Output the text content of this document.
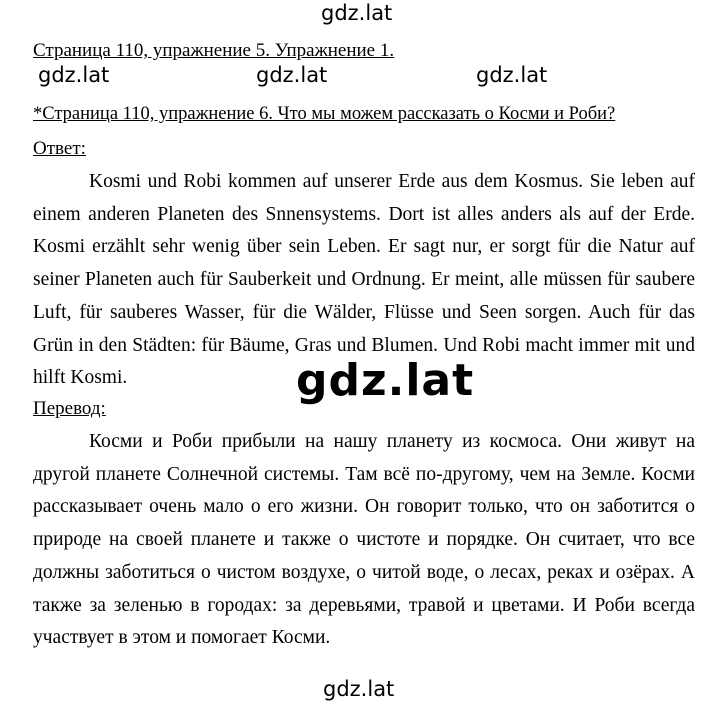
gdz.lat
Страница 110, упражнение 5. Упражнение 1.
gdz.lat	gdz.lat	gdz.lat
*Страница 110, упражнение 6. Что мы можем рассказать о Косми и Роби?
Ответ:
Kosmi und Robi kommen auf unserer Erde aus dem Kosmus. Sie leben auf einem anderen Planeten des Snnensystems. Dort ist alles anders als auf der Erde. Kosmi erzählt sehr wenig über sein Leben. Er sagt nur, er sorgt für die Natur auf seiner Planeten auch für Sauberkeit und Ordnung. Er meint, alle müssen für saubere Luft, für sauberes Wasser, für die Wälder, Flüsse und Seen sorgen. Auch für das Grün in den Städten: für Bäume, Gras und Blumen. Und Robi macht immer mit und hilft Kosmi.	gdz.lat
Перевод:
Косми и Роби прибыли на нашу планету из космоса. Они живут на другой планете Солнечной системы. Там всё по-другому, чем на Земле. Косми рассказывает очень мало о его жизни. Он говорит только, что он заботится о природе на своей планете и также о чистоте и порядке. Он считает, что все должны заботиться о чистом воздухе, о читой воде, о лесах, реках и озёрах. А также за зеленью в городах: за деревьями, травой и цветами. И Роби всегда участвует в этом и помогает Косми.
gdz.lat
